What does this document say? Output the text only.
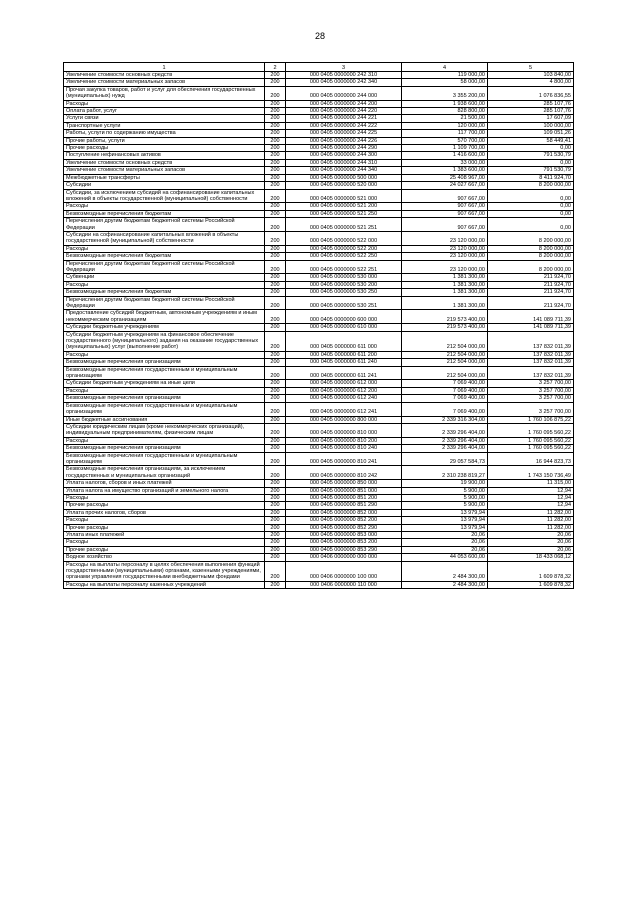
28
1	2	3	4	5
Увеличение стоимости основных средств	200	000 0405 0000000 242 310	119 000,00	103 840,00
Увеличение стоимости материальных запасов	200	000 0405 0000000 242 340	58 000,00	4 800,00
Прочая закупка товаров, работ и услуг для обеспечения государственных (муниципальных) нужд	200	000 0405 0000000 244 000	3 355 200,00	1 076 836,55
Расходы	200	000 0405 0000000 244 200	1 938 600,00	285 107,76
Оплата работ, услуг	200	000 0405 0000000 244 220	828 800,00	285 107,76
Услуги связи	200	000 0405 0000000 244 221	21 500,00	17 607,09
Транспортные услуги	200	000 0405 0000000 244 222	120 000,00	100 000,00
Работы, услуги по содержанию имущества	200	000 0405 0000000 244 225	117 700,00	109 051,26
Прочие работы, услуги	200	000 0405 0000000 244 226	570 700,00	58 449,41
Прочие расходы	200	000 0405 0000000 244 290	1 109 700,00	0,00
Поступление нефинансовых активов	200	000 0405 0000000 244 300	1 416 600,00	791 530,79
Увеличение стоимости основных средств	200	000 0405 0000000 244 310	33 000,00	0,00
Увеличение стоимости материальных запасов	200	000 0405 0000000 244 340	1 383 600,00	791 530,79
Межбюджетные трансферты	200	000 0405 0000000 500 000	25 408 967,00	8 411 924,70
Субсидии	200	000 0405 0000000 520 000	24 027 667,00	8 200 000,00
Субсидии, за исключением субсидий на софинансирование капитальных вложений в объекты государственной (муниципальной) собственности	200	000 0405 0000000 521 000	907 667,00	0,00
Расходы	200	000 0405 0000000 521 200	907 667,00	0,00
Безвозмездные перечисления бюджетам	200	000 0405 0000000 521 250	907 667,00	0,00
Перечисления другим бюджетам бюджетной системы Российской Федерации	200	000 0405 0000000 521 251	907 667,00	0,00
Субсидии на софинансирование капитальных вложений в объекты государственной (муниципальной) собственности	200	000 0405 0000000 522 000	23 120 000,00	8 200 000,00
Расходы	200	000 0405 0000000 522 200	23 120 000,00	8 200 000,00
Безвозмездные перечисления бюджетам	200	000 0405 0000000 522 250	23 120 000,00	8 200 000,00
Перечисления другим бюджетам бюджетной системы Российской Федерации	200	000 0405 0000000 522 251	23 120 000,00	8 200 000,00
Субвенции	200	000 0405 0000000 530 000	1 381 300,00	211 924,70
Расходы	200	000 0405 0000000 530 200	1 381 300,00	211 924,70
Безвозмездные перечисления бюджетам	200	000 0405 0000000 530 250	1 381 300,00	211 924,70
Перечисления другим бюджетам бюджетной системы Российской Федерации	200	000 0405 0000000 530 251	1 381 300,00	211 924,70
Предоставление субсидий бюджетным, автономным учреждениям и иным некоммерческим организациям	200	000 0405 0000000 600 000	219 573 400,00	141 089 711,39
Субсидии бюджетным учреждениям	200	000 0405 0000000 610 000	219 573 400,00	141 089 711,39
Субсидии бюджетным учреждениям на финансовое обеспечение государственного (муниципального) задания на оказание государственных (муниципальных) услуг (выполнение работ)	200	000 0405 0000000 611 000	212 504 000,00	137 832 011,39
Расходы	200	000 0405 0000000 611 200	212 504 000,00	137 832 011,39
Безвозмездные перечисления организациям	200	000 0405 0000000 611 240	212 504 000,00	137 832 011,39
Безвозмездные перечисления государственным и муниципальным организациям	200	000 0405 0000000 611 241	212 504 000,00	137 832 011,39
Субсидии бюджетным учреждениям на иные цели	200	000 0405 0000000 612 000	7 069 400,00	3 257 700,00
Расходы	200	000 0405 0000000 612 200	7 069 400,00	3 257 700,00
Безвозмездные перечисления организациям	200	000 0405 0000000 612 240	7 069 400,00	3 257 700,00
Безвозмездные перечисления государственным и муниципальным организациям	200	000 0405 0000000 612 241	7 069 400,00	3 257 700,00
Иные бюджетные ассигнования	200	000 0405 0000000 800 000	2 339 316 304,00	1 760 106 875,22
Субсидии юридическим лицам (кроме некоммерческих организаций), индивидуальным предпринимателям, физическим лицам	200	000 0405 0000000 810 000	2 339 296 404,00	1 760 095 560,22
Расходы	200	000 0405 0000000 810 200	2 339 296 404,00	1 760 095 560,22
Безвозмездные перечисления организациям	200	000 0405 0000000 810 240	2 339 296 404,00	1 760 095 560,22
Безвозмездные перечисления государственным и муниципальным организациям	200	000 0405 0000000 810 241	29 057 584,73	16 944 823,73
Безвозмездные перечисления организациям, за исключением государственных и муниципальных организаций	200	000 0405 0000000 810 242	2 310 238 819,27	1 743 150 736,49
Уплата налогов, сборов и иных платежей	200	000 0405 0000000 850 000	19 900,00	11 315,00
Уплата налога на имущество организаций и земельного налога	200	000 0405 0000000 851 000	5 900,00	12,94
Расходы	200	000 0405 0000000 851 200	5 900,00	12,94
Прочие расходы	200	000 0405 0000000 851 290	5 900,00	12,94
Уплата прочих налогов, сборов	200	000 0405 0000000 852 000	13 979,94	11 282,00
Расходы	200	000 0405 0000000 852 200	13 979,94	11 282,00
Прочие расходы	200	000 0405 0000000 852 290	13 979,94	11 282,00
Уплата иных платежей	200	000 0405 0000000 853 000	20,06	20,06
Расходы	200	000 0405 0000000 853 200	20,06	20,06
Прочие расходы	200	000 0405 0000000 853 290	20,06	20,06
Водное хозяйство	200	000 0406 0000000 000 000	44 053 600,00	18 433 068,12
Расходы на выплаты персоналу в целях обеспечения выполнения функций государственными (муниципальными) органами, казенными учреждениями, органами управления государственными внебюджетными фондами	200	000 0406 0000000 100 000	2 484 300,00	1 609 878,32
Расходы на выплаты персоналу казенных учреждений	200	000 0406 0000000 110 000	2 484 300,00	1 609 878,32
